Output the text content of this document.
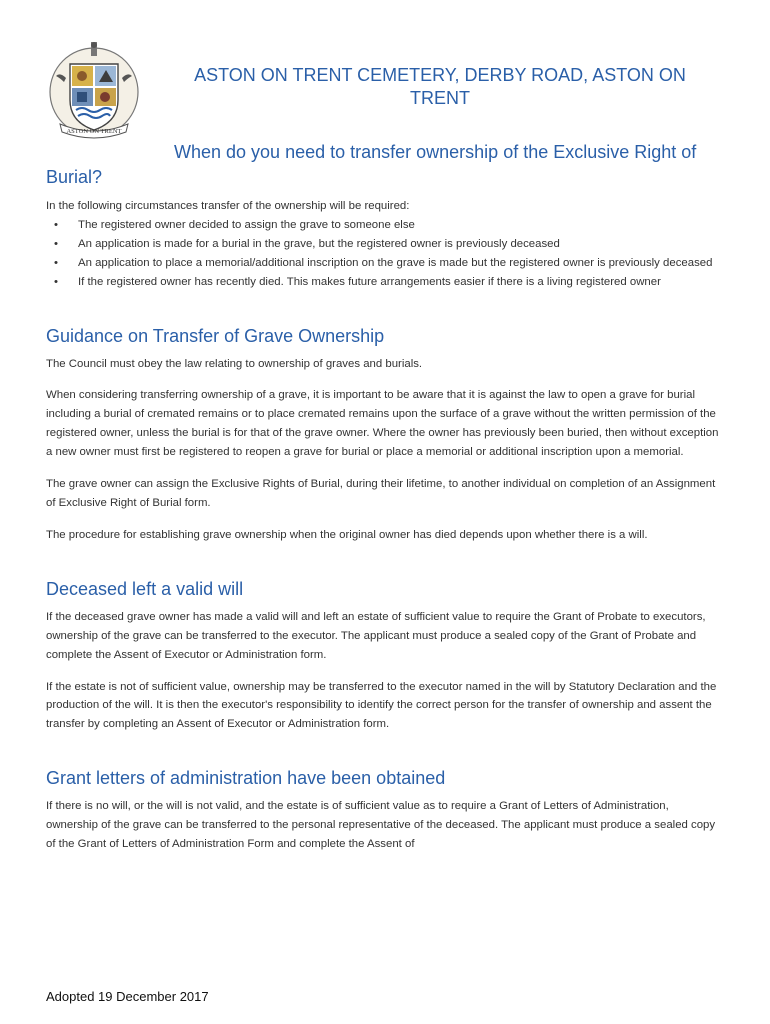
ASTON ON TRENT
ASTON ON TRENT CEMETERY, DERBY ROAD, ASTON ON TRENT
When do you need to transfer ownership of the Exclusive Right of Burial?

In the following circumstances transfer of the ownership will be required:

• The registered owner decided to assign the grave to someone else
• An application is made for a burial in the grave, but the registered owner is previously deceased
• An application to place a memorial/additional inscription on the grave is made but the registered owner is previously deceased
• If the registered owner has recently died. This makes future arrangements easier if there is a living registered owner
Guidance on Transfer of Grave Ownership

The Council must obey the law relating to ownership of graves and burials.

When considering transferring ownership of a grave, it is important to be aware that it is against the law to open a grave for burial including a burial of cremated remains or to place cremated remains upon the surface of a grave without the written permission of the registered owner, unless the burial is for that of the grave owner. Where the owner has previously been buried, then without exception a new owner must first be registered to reopen a grave for burial or place a memorial or additional inscription upon a memorial.

The grave owner can assign the Exclusive Rights of Burial, during their lifetime, to another individual on completion of an Assignment of Exclusive Right of Burial form.

The procedure for establishing grave ownership when the original owner has died depends upon whether there is a will.

Deceased left a valid will

If the deceased grave owner has made a valid will and left an estate of sufficient value to require the Grant of Probate to executors, ownership of the grave can be transferred to the executor. The applicant must produce a sealed copy of the Grant of Probate and complete the Assent of Executor or Administration form.

If the estate is not of sufficient value, ownership may be transferred to the executor named in the will by Statutory Declaration and the production of the will. It is then the executor's responsibility to identify the correct person for the transfer of ownership and assent the transfer by completing an Assent of Executor or Administration form.

Grant letters of administration have been obtained

If there is no will, or the will is not valid, and the estate is of sufficient value as to require a Grant of Letters of Administration, ownership of the grave can be transferred to the personal representative of the deceased. The applicant must produce a sealed copy of the Grant of Letters of Administration Form and complete the Assent of

Adopted 19 December 2017
